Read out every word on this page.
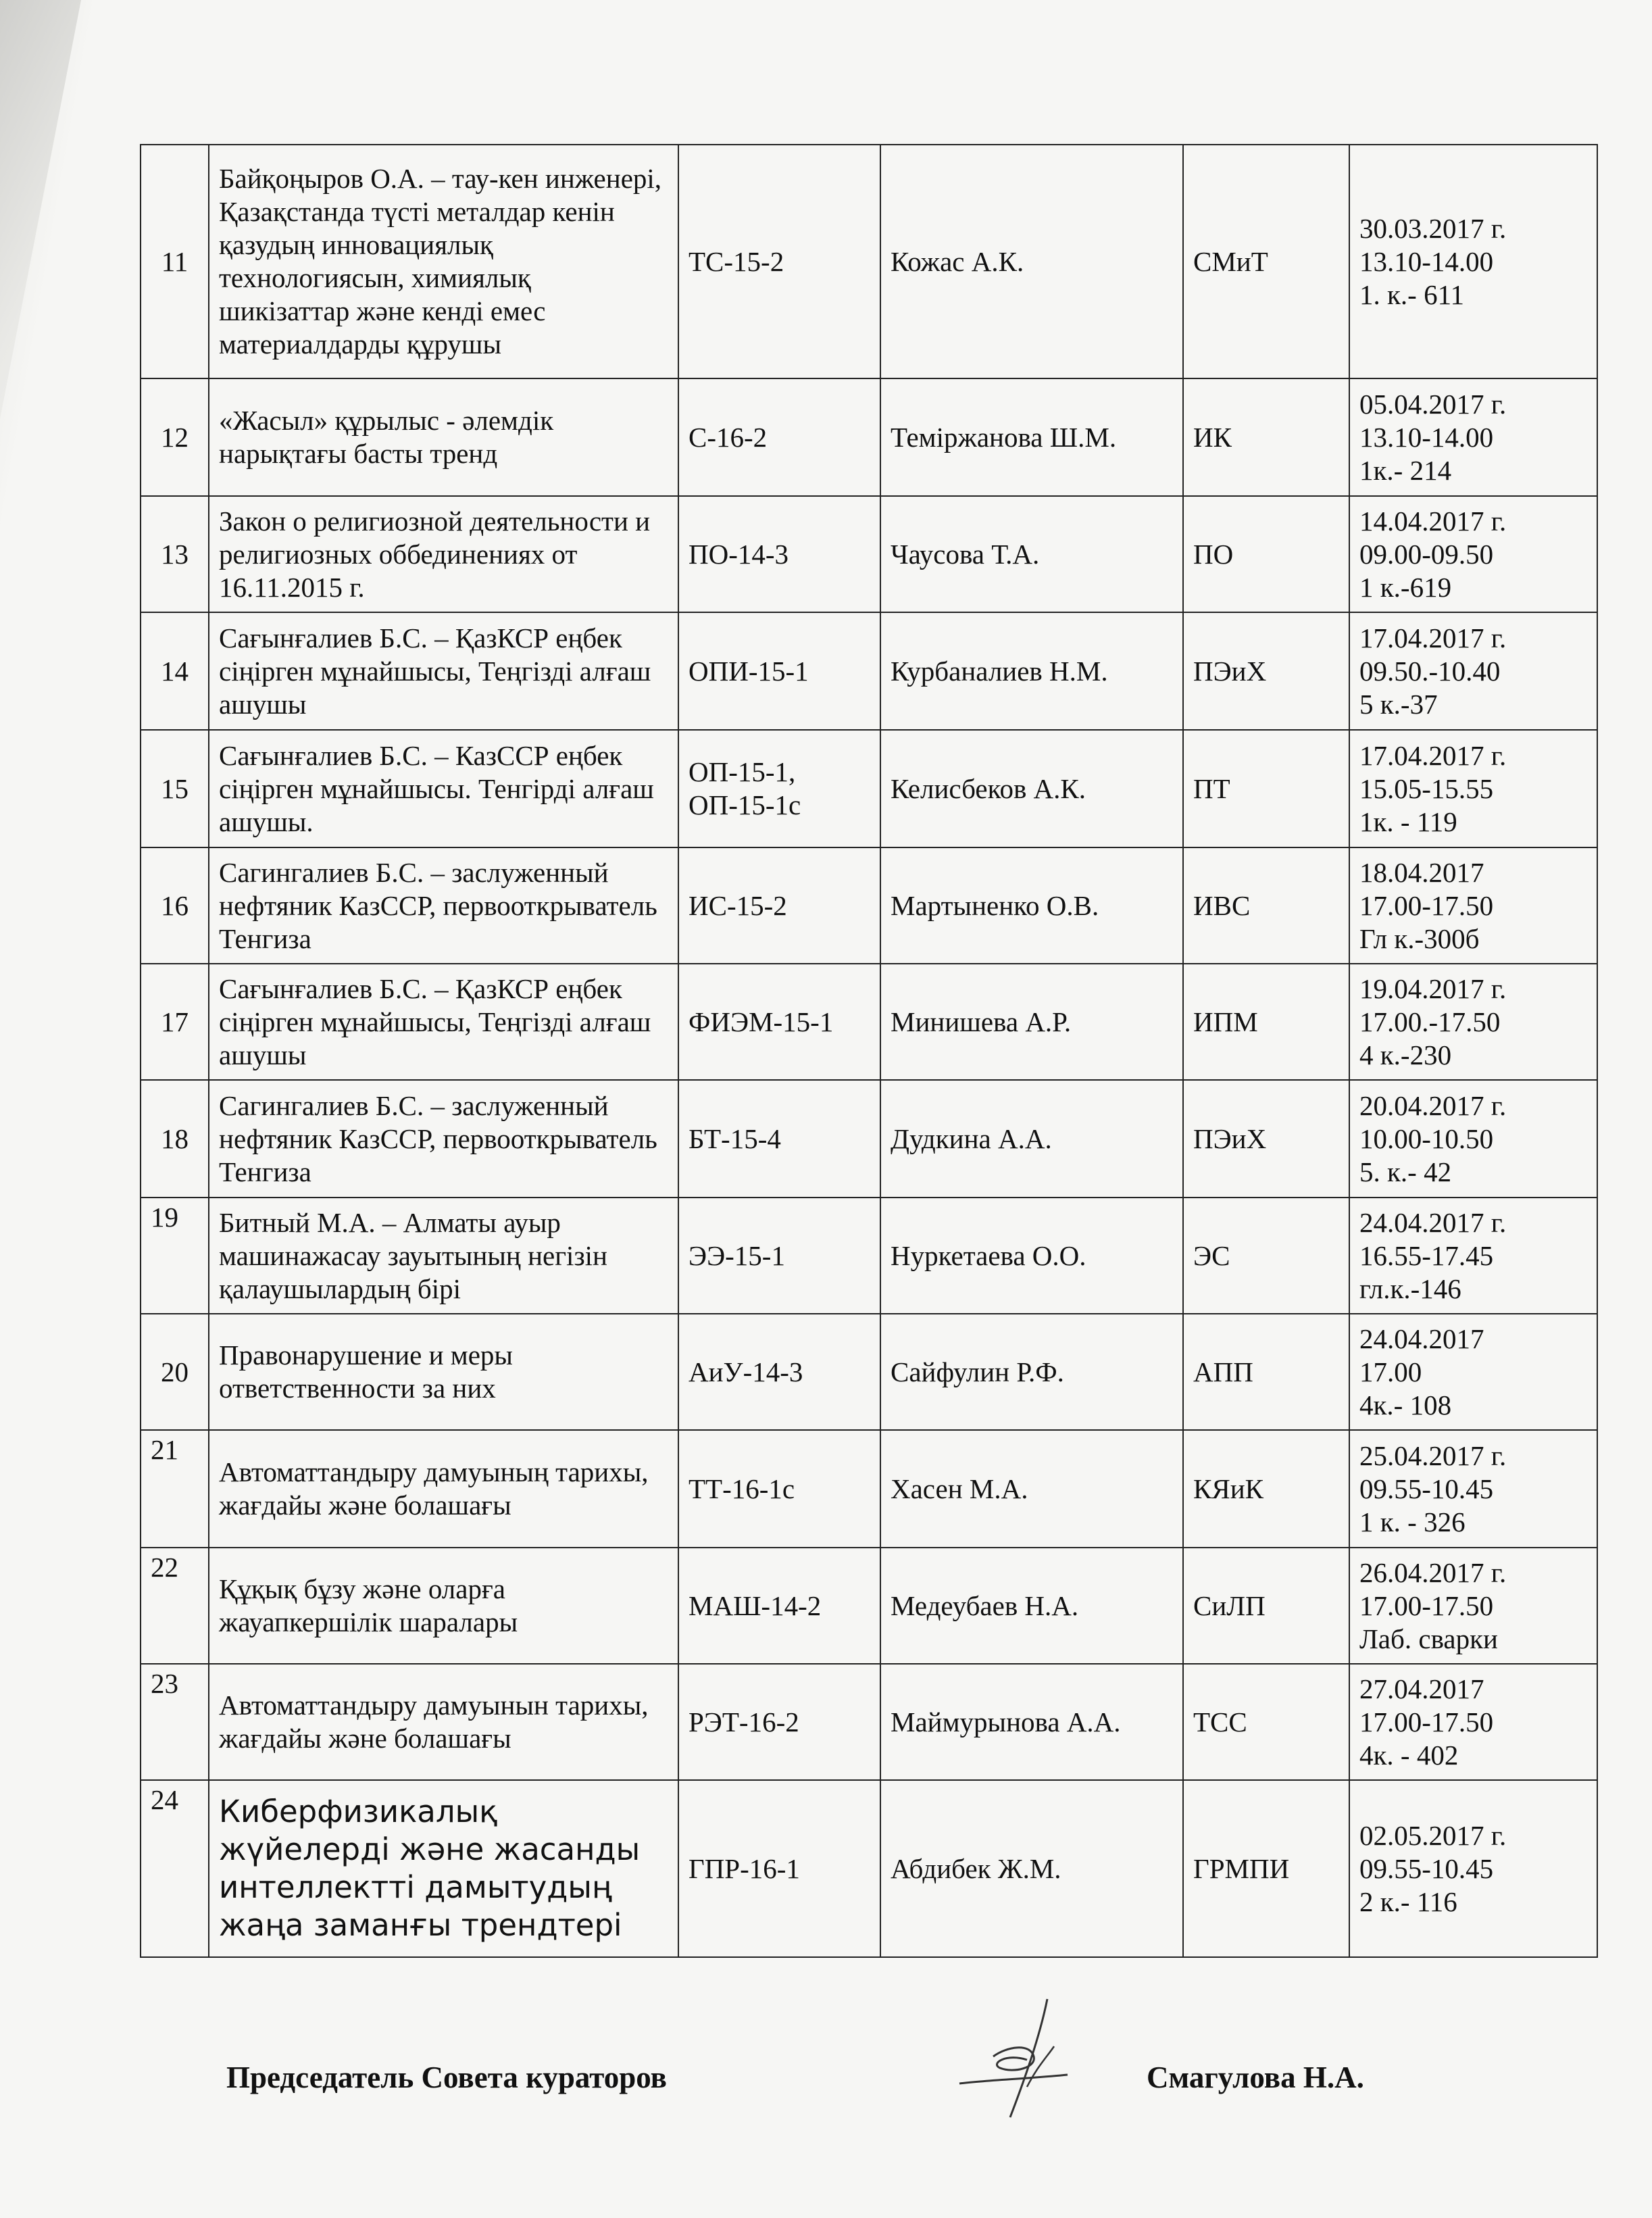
11	Байқоңыров О.А. – тау-кен инженері, Қазақстанда түсті металдар кенін қазудың инновациялық технологиясын, химиялық шикізаттар және кенді емес материалдарды құрушы	ТС-15-2	Кожас А.К.	СМиТ	30.03.2017 г.
13.10-14.00
1. к.- 611

12	«Жасыл» құрылыс - әлемдік нарықтағы басты тренд	С-16-2	Теміржанова Ш.М.	ИК	05.04.2017 г.
13.10-14.00
1к.- 214

13	Закон о религиозной деятельности и религиозных оббединениях от 16.11.2015 г.	ПО-14-3	Чаусова Т.А.	ПО	14.04.2017 г.
09.00-09.50
1 к.-619

14	Сағынғалиев Б.С. – ҚазКСР еңбек сіңірген мұнайшысы, Теңгізді алғаш ашушы	ОПИ-15-1	Курбаналиев Н.М.	ПЭиХ	17.04.2017 г.
09.50.-10.40
5 к.-37

15	Сағынғалиев Б.С. – КазССР еңбек сіңірген мұнайшысы. Тенгірді алғаш ашушы.	ОП-15-1, ОП-15-1с	Келисбеков А.К.	ПТ	17.04.2017 г.
15.05-15.55
1к. - 119

16	Сагингалиев Б.С. – заслуженный нефтяник КазССР, первооткрыватель Тенгиза	ИС-15-2	Мартыненко О.В.	ИВС	18.04.2017
17.00-17.50
Гл к.-300б

17	Сағынғалиев Б.С. – ҚазКСР еңбек сіңірген мұнайшысы, Теңгізді алғаш ашушы	ФИЭМ-15-1	Минишева А.Р.	ИПМ	19.04.2017 г.
17.00.-17.50
4 к.-230

18	Сагингалиев Б.С. – заслуженный нефтяник КазССР, первооткрыватель Тенгиза	БТ-15-4	Дудкина А.А.	ПЭиХ	20.04.2017 г.
10.00-10.50
5. к.- 42

19	Битный М.А. – Алматы ауыр машинажасау зауытының негізін қалаушылардың бірі	ЭЭ-15-1	Нуркетаева О.О.	ЭС	24.04.2017 г.
16.55-17.45
гл.к.-146

20	Правонарушение и меры ответственности за них	АиУ-14-3	Сайфулин Р.Ф.	АПП	24.04.2017
17.00
4к.- 108

21	Автоматтандыру дамуының тарихы, жағдайы және болашағы	ТТ-16-1с	Хасен М.А.	КЯиК	25.04.2017 г.
09.55-10.45
1 к. - 326

22	Құқық бұзу және оларға жауапкершілік шаралары	МАШ-14-2	Медеубаев Н.А.	СиЛП	26.04.2017 г.
17.00-17.50
Лаб. сварки

23	Автоматтандыру дамуынын тарихы, жағдайы және болашағы	РЭТ-16-2	Маймурынова А.А.	ТСС	27.04.2017
17.00-17.50
4к. - 402

24	Киберфизикалық жүйелерді және жасанды интеллектті дамытудың жаңа заманғы трендтері	ГПР-16-1	Абдибек Ж.М.	ГРМПИ	02.05.2017 г.
09.55-10.45
2 к.- 116
Председатель Совета кураторов	Смагулова Н.А.
